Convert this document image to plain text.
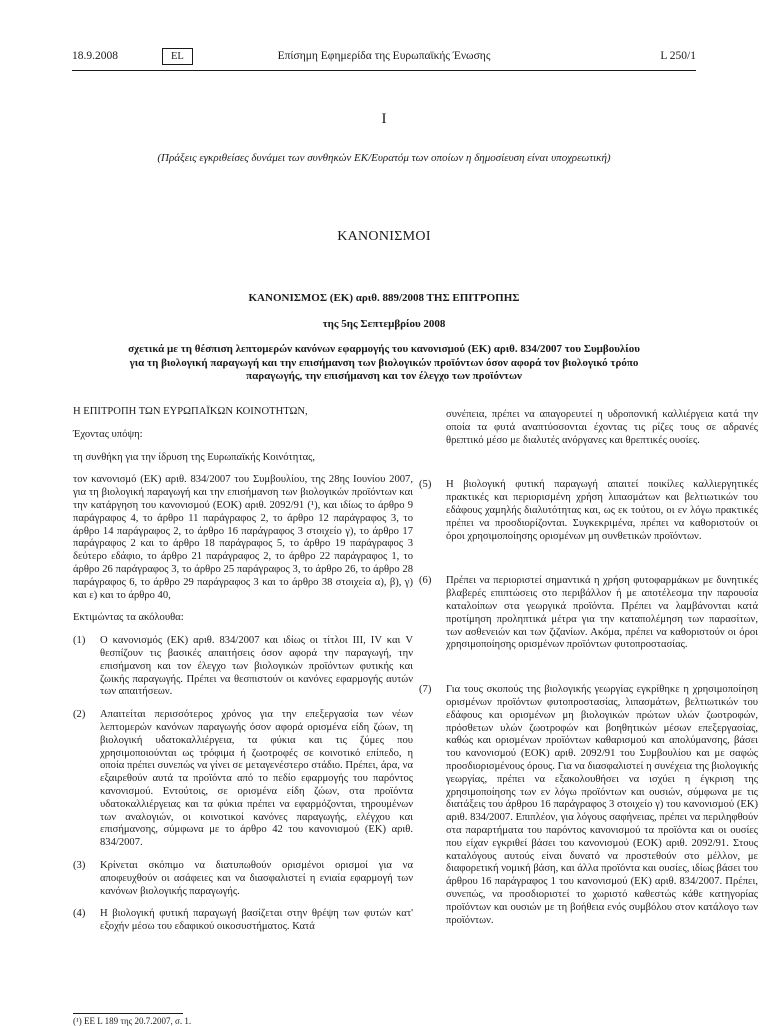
18.9.2008	EL	Επίσημη Εφημερίδα της Ευρωπαϊκής Ένωσης	L 250/1
I
(Πράξεις εγκριθείσες δυνάμει των συνθηκών ΕΚ/Ευρατόμ των οποίων η δημοσίευση είναι υποχρεωτική)
ΚΑΝΟΝΙΣΜΟΙ
ΚΑΝΟΝΙΣΜΟΣ (ΕΚ) αριθ. 889/2008 ΤΗΣ ΕΠΙΤΡΟΠΗΣ
της 5ης Σεπτεμβρίου 2008
σχετικά με τη θέσπιση λεπτομερών κανόνων εφαρμογής του κανονισμού (ΕΚ) αριθ. 834/2007 του Συμβουλίου για τη βιολογική παραγωγή και την επισήμανση των βιολογικών προϊόντων όσον αφορά τον βιολογικό τρόπο παραγωγής, την επισήμανση και τον έλεγχο των προϊόντων

Η ΕΠΙΤΡΟΠΗ ΤΩΝ ΕΥΡΩΠΑΪΚΩΝ ΚΟΙΝΟΤΗΤΩΝ,

Έχοντας υπόψη:

τη συνθήκη για την ίδρυση της Ευρωπαϊκής Κοινότητας,

τον κανονισμό (ΕΚ) αριθ. 834/2007 του Συμβουλίου, της 28ης Ιουνίου 2007, για τη βιολογική παραγωγή και την επισήμανση των βιολογικών προϊόντων και την κατάργηση του κανονισμού (ΕΟΚ) αριθ. 2092/91 (¹), και ιδίως το άρθρο 9 παράγραφος 4, το άρθρο 11 παράγραφος 2, το άρθρο 12 παράγραφος 3, το άρθρο 14 παράγραφος 2, το άρθρο 16 παράγραφος 3 στοιχείο γ), το άρθρο 17 παράγραφος 2 και το άρθρο 18 παράγραφος 5, το άρθρο 19 παράγραφος 3 δεύτερο εδάφιο, το άρθρο 21 παράγραφος 2, το άρθρο 22 παράγραφος 1, το άρθρο 26 παράγραφος 3, το άρθρο 25 παράγραφος 3, το άρθρο 26, το άρθρο 28 παράγραφος 6, το άρθρο 29 παράγραφος 3 και το άρθρο 38 στοιχεία α), β), γ) και ε) και το άρθρο 40,

Εκτιμώντας τα ακόλουθα:

(1) Ο κανονισμός (ΕΚ) αριθ. 834/2007 και ιδίως οι τίτλοι III, IV και V θεσπίζουν τις βασικές απαιτήσεις όσον αφορά την παραγωγή, την επισήμανση και τον έλεγχο των βιολογικών προϊόντων φυτικής και ζωικής παραγωγής. Πρέπει να θεσπιστούν οι κανόνες εφαρμογής αυτών των απαιτήσεων.
(2) Απαιτείται περισσότερος χρόνος για την επεξεργασία των νέων λεπτομερών κανόνων παραγωγής όσον αφορά ορισμένα είδη ζώων, τη βιολογική υδατοκαλλιέργεια, τα φύκια και τις ζύμες που χρησιμοποιούνται ως τρόφιμα ή ζωοτροφές σε κοινοτικό επίπεδο, η οποία πρέπει συνεπώς να γίνει σε μεταγενέστερο στάδιο. Πρέπει, άρα, να εξαιρεθούν αυτά τα προϊόντα από το πεδίο εφαρμογής του παρόντος κανονισμού. Εντούτοις, σε ορισμένα είδη ζώων, στα προϊόντα υδατοκαλλιέργειας και τα φύκια πρέπει να εφαρμόζονται, τηρουμένων των αναλογιών, οι κοινοτικοί κανόνες παραγωγής, ελέγχου και επισήμανσης, σύμφωνα με το άρθρο 42 του κανονισμού (ΕΚ) αριθ. 834/2007.
(3) Κρίνεται σκόπιμο να διατυπωθούν ορισμένοι ορισμοί για να αποφευχθούν οι ασάφειες και να διασφαλιστεί η ενιαία εφαρμογή των κανόνων βιολογικής παραγωγής.
(4) Η βιολογική φυτική παραγωγή βασίζεται στην θρέψη των φυτών κατ' εξοχήν μέσω του εδαφικού οικοσυστήματος. Κατά
(¹) ΕΕ L 189 της 20.7.2007, σ. 1.
συνέπεια, πρέπει να απαγορευτεί η υδροπονική καλλιέργεια κατά την οποία τα φυτά αναπτύσσονται έχοντας τις ρίζες τους σε αδρανές θρεπτικό μέσο με διαλυτές ανόργανες και θρεπτικές ουσίες.
(5) Η βιολογική φυτική παραγωγή απαιτεί ποικίλες καλλιεργητικές πρακτικές και περιορισμένη χρήση λιπασμάτων και βελτιωτικών του εδάφους χαμηλής διαλυτότητας και, ως εκ τούτου, οι εν λόγω πρακτικές πρέπει να προσδιορίζονται. Συγκεκριμένα, πρέπει να καθοριστούν οι όροι χρησιμοποίησης ορισμένων μη συνθετικών προϊόντων.
(6) Πρέπει να περιοριστεί σημαντικά η χρήση φυτοφαρμάκων με δυνητικές βλαβερές επιπτώσεις στο περιβάλλον ή με αποτέλεσμα την παρουσία καταλοίπων στα γεωργικά προϊόντα. Πρέπει να λαμβάνονται κατά προτίμηση προληπτικά μέτρα για την καταπολέμηση των παρασίτων, των ασθενειών και των ζιζανίων. Ακόμα, πρέπει να καθοριστούν οι όροι χρησιμοποίησης ορισμένων προϊόντων φυτοπροστασίας.
(7) Για τους σκοπούς της βιολογικής γεωργίας εγκρίθηκε η χρησιμοποίηση ορισμένων προϊόντων φυτοπροστασίας, λιπασμάτων, βελτιωτικών του εδάφους και ορισμένων μη βιολογικών πρώτων υλών ζωοτροφών, πρόσθετων υλών ζωοτροφών και βοηθητικών μέσων επεξεργασίας, καθώς και ορισμένων προϊόντων καθαρισμού και απολύμανσης, βάσει του κανονισμού (ΕΟΚ) αριθ. 2092/91 του Συμβουλίου και με σαφώς προσδιορισμένους όρους. Για να διασφαλιστεί η συνέχεια της βιολογικής γεωργίας, πρέπει να εξακολουθήσει να ισχύει η έγκριση της χρησιμοποίησης των εν λόγω προϊόντων και ουσιών, σύμφωνα με τις διατάξεις του άρθρου 16 παράγραφος 3 στοιχείο γ) του κανονισμού (ΕΚ) αριθ. 834/2007. Επιπλέον, για λόγους σαφήνειας, πρέπει να περιληφθούν στα παραρτήματα του παρόντος κανονισμού τα προϊόντα και οι ουσίες που είχαν εγκριθεί βάσει του κανονισμού (ΕΟΚ) αριθ. 2092/91. Στους καταλόγους αυτούς είναι δυνατό να προστεθούν στο μέλλον, με διαφορετική νομική βάση, και άλλα προϊόντα και ουσίες, ιδίως βάσει του άρθρου 16 παράγραφος 1 του κανονισμού (ΕΚ) αριθ. 834/2007. Πρέπει, συνεπώς, να προσδιοριστεί το χωριστό καθεστώς κάθε κατηγορίας προϊόντων και ουσιών με τη βοήθεια ενός συμβόλου στον κατάλογο των προϊόντων.
